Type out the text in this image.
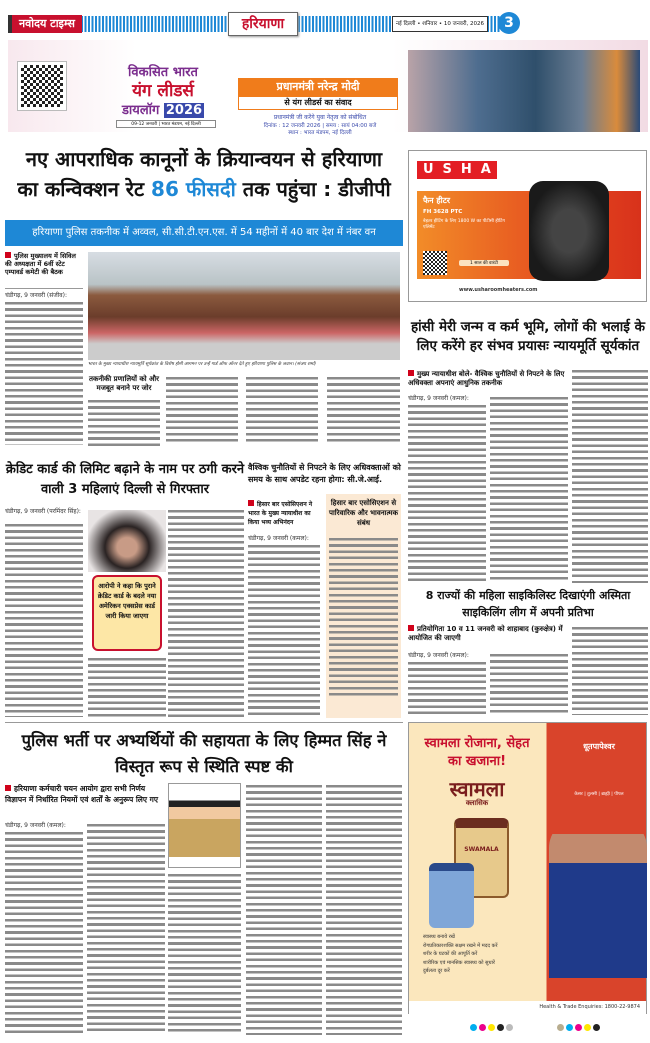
नवोदय टाइम्स	हरियाणा	नई दिल्ली • शनिवार • 10 जनवरी, 2026	3
विकसित भारत
यंग लीडर्स
डायलॉग 2026
09-12 जनवरी | भारत मंडपम, नई दिल्ली
प्रधानमंत्री नरेन्द्र मोदी
से यंग लीडर्स का संवाद
प्रधानमंत्री जी करेंगे युवा नेतृत्व को संबोधित
दिनांक : 12 जनवरी 2026 | समय : सायं 04:00 बजे
स्थान : भारत मंडपम, नई दिल्ली
नए आपराधिक कानूनों के क्रियान्वयन से हरियाणा
का कन्विक्शन रेट 86 फीसदी तक पहुंचा : डीजीपी
हरियाणा पुलिस तकनीक में अव्वल, सी.सी.टी.एन.एस. में 54 महीनों में 40 बार देश में नंबर वन
पुलिस मुख्यालय में सिविल की अध्यक्षता में 6वीं स्टेट एम्पावर्ड कमेटी की बैठक
चंडीगढ़, 9 जनवरी (संजीव):
भारत के मुख्य न्यायाधीश न्यायमूर्ति सूर्यकांत के विशेष होमी आगमन पर उन्हें गार्ड ऑफ ऑनर देते हुए हरियाणा पुलिस के जवान। (संजय शर्मा)
तकनीकी प्रणालियों को और मजबूत बनाने पर जोर
USHA
फैन हीटर
FH 3628 PTC
बेहतर हीटिंग के लिए 1800 W का पीटीसी हीटिंग एलिमेंट
1 साल की वारंटी
www.usharoomheaters.com
हांसी मेरी जन्म व कर्म भूमि, लोगों की भलाई के लिए करेंगे हर संभव प्रयासः न्यायमूर्ति सूर्यकांत
मुख्य न्यायाधीश बोले- वैश्विक चुनौतियों से निपटने के लिए अधिवक्ता अपनाएं आधुनिक तकनीक
चंडीगढ़, 9 जनवरी (कमल):
8 राज्यों की महिला साइकिलिस्ट दिखाएंगी अस्मिता साइकिलिंग लीग में अपनी प्रतिभा
प्रतियोगिता 10 व 11 जनवरी को शाहाबाद (कुरुक्षेत्र) में आयोजित की जाएगी
चंडीगढ़, 9 जनवरी (कमल):
क्रेडिट कार्ड की लिमिट बढ़ाने के नाम पर ठगी करने वाली 3 महिलाएं दिल्ली से गिरफ्तार
चंडीगढ़, 9 जनवरी (परमिंदर सिंह):
आरोपी ने कहा कि पुराने क्रेडिट कार्ड के बदले नया अमेरिकन एक्सप्रेस कार्ड जारी किया जाएगा
वैश्विक चुनौतियों से निपटने के लिए अधिवक्ताओं को समय के साथ अपडेट रहना होगा: सी.जे.आई.
हिसार बार एसोसिएशन ने भारत के मुख्य न्यायाधीश का किया भव्य अभिनंदन
चंडीगढ़, 9 जनवरी (कमल):
हिसार बार एसोसिएशन से पारिवारिक और भावनात्मक संबंध
पुलिस भर्ती पर अभ्यर्थियों की सहायता के लिए हिम्मत सिंह ने विस्तृत रूप से स्थिति स्पष्ट की
हरियाणा कर्मचारी चयन आयोग द्वारा सभी निर्णय विज्ञापन में निर्धारित नियमों एवं शर्तों के अनुरूप लिए गए
चंडीगढ़, 9 जनवरी (कमल):
स्वामला रोजाना, सेहत का खजाना!
स्वामला
क्लासिक
धूतपापेश्वर
केसर | तुलसी | ब्राह्मी | पीपल
SWAMALA
स्वास्थ्य बनाये रखें
रोगप्रतिकारशक्ति सक्षम रखने में मदद करें
शरीर के घटकों की आपूर्ति करें
शारीरिक एवं मानसिक स्वास्थ्य को सुधारें
दुर्बलता दूर करें
Health & Trade Enquiries: 1800-22-9874
